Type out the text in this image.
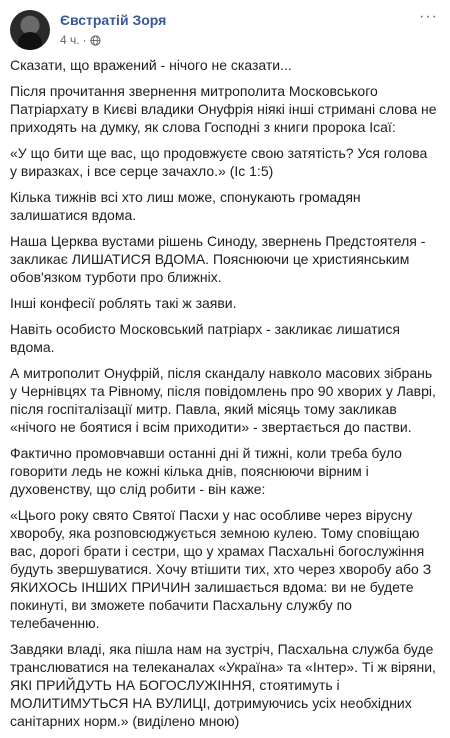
Євстратій Зоря
4 ч. ·
···

Сказати, що вражений - нічого не сказати...

Після прочитання звернення митрополита Московського Патріархату в Києві владики Онуфрія ніякі інші стримані слова не приходять на думку, як слова Господні з книги пророка Ісаї:

«У що бити ще вас, що продовжуєте свою затятість? Уся голова у виразках, і все серце зачахло.» (Іс 1:5)

Кілька тижнів всі хто лиш може, спонукають громадян залишатися вдома.

Наша Церква вустами рішень Синоду, звернень Предстоятеля - закликає ЛИШАТИСЯ ВДОМА. Пояснюючи це християнським обов'язком турботи про ближніх.

Інші конфесії роблять такі ж заяви.

Навіть особисто Московський патріарх - закликає лишатися вдома.

А митрополит Онуфрій, після скандалу навколо масових зібрань у Чернівцях та Рівному, після повідомлень про 90 хворих у Лаврі, після госпіталізації митр. Павла, який місяць тому закликав «нічого не боятися і всім приходити» - звертається до пастви.

Фактично промовчавши останні дні й тижні, коли треба було говорити ледь не кожні кілька днів, пояснюючи вірним і духовенству, що слід робити - він каже:

«Цього року свято Святої Пасхи у нас особливе через вірусну хворобу, яка розповсюджується земною кулею. Тому сповіщаю вас, дорогі брати і сестри, що у храмах Пасхальні богослужіння будуть звершуватися. Хочу втішити тих, хто через хворобу або З ЯКИХОСЬ ІНШИХ ПРИЧИН залишається вдома: ви не будете покинуті, ви зможете побачити Пасхальну службу по телебаченню.

Завдяки владі, яка пішла нам на зустріч, Пасхальна служба буде транслюватися на телеканалах «Україна» та «Інтер». Ті ж віряни, ЯКІ ПРИЙДУТЬ НА БОГОСЛУЖІННЯ, стоятимуть і МОЛИТИМУТЬСЯ НА ВУЛИЦІ, дотримуючись усіх необхідних санітарних норм.» (виділено мною)
